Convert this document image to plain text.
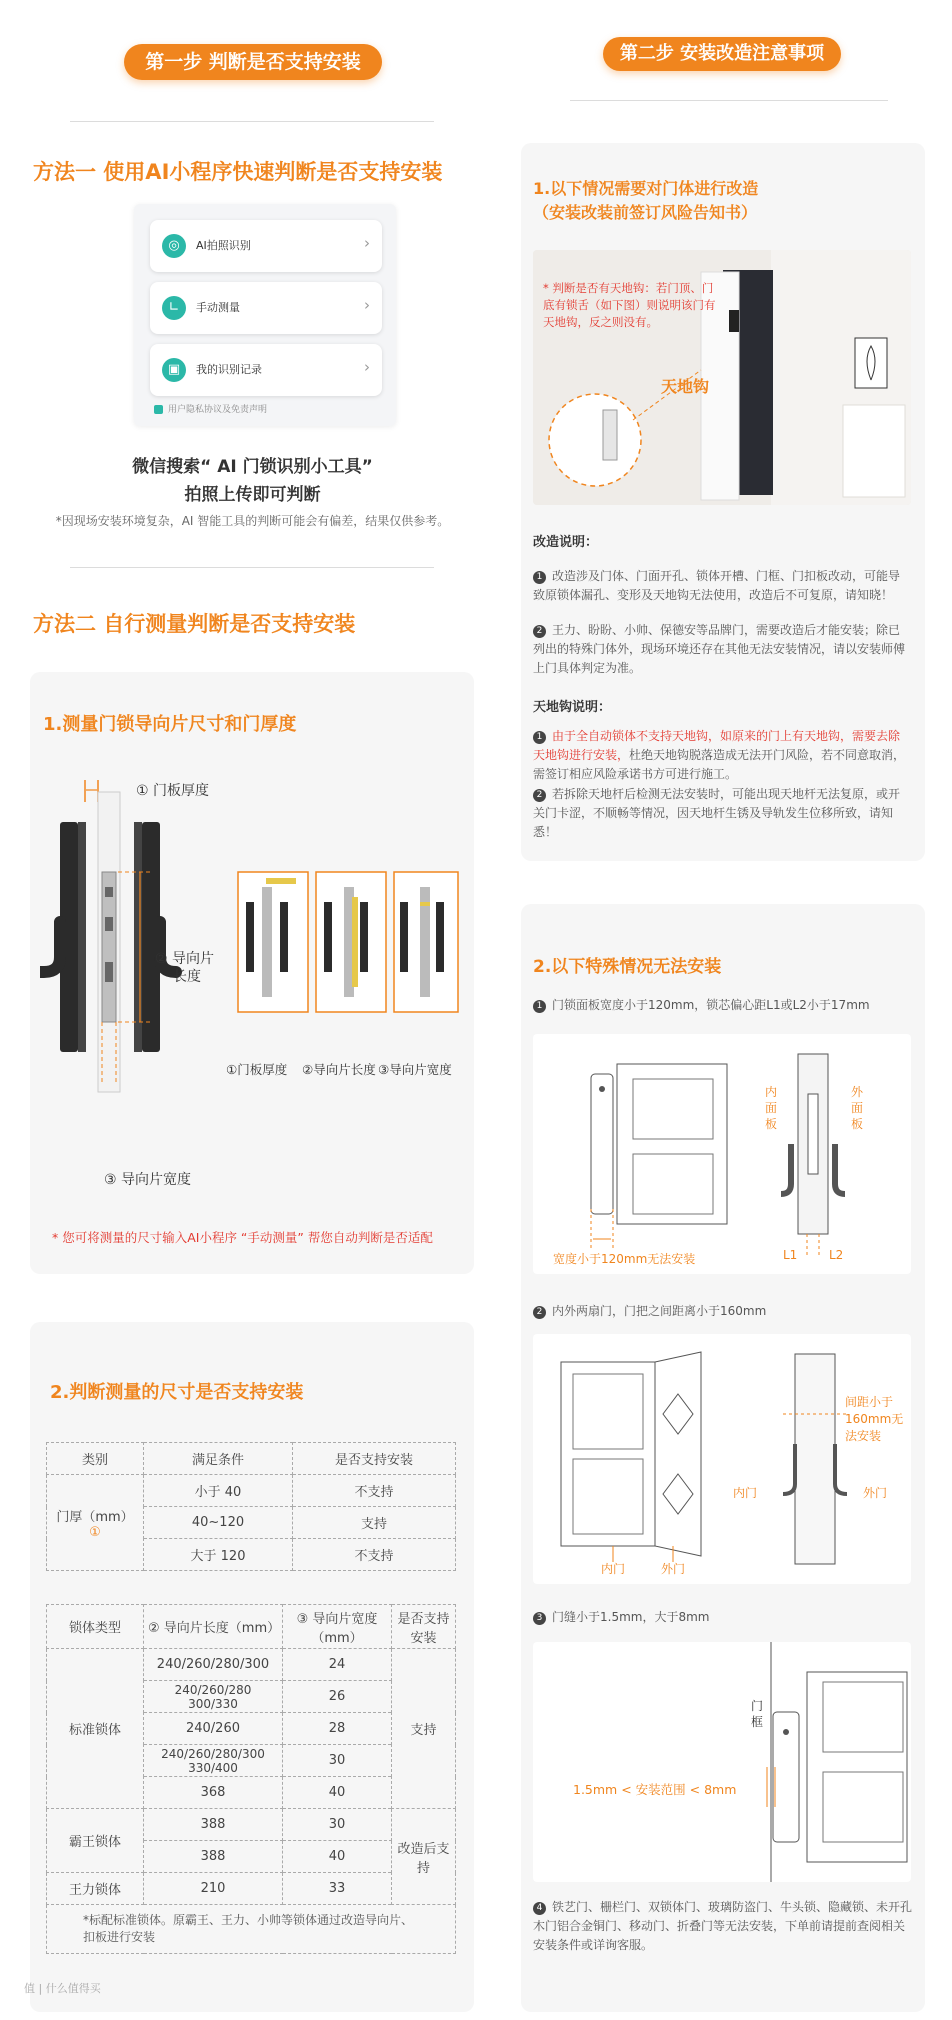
第一步 判断是否支持安装
方法一 使用AI小程序快速判断是否支持安装
◎	AI拍照识别	›
∟	手动测量	›
▣	我的识别记录	›
用户隐私协议及免责声明
微信搜索“ AI 门锁识别小工具”
拍照上传即可判断
*因现场安装环境复杂，AI 智能工具的判断可能会有偏差，结果仅供参考。
方法二 自行测量判断是否支持安装
1.测量门锁导向片尺寸和门厚度
① 门板厚度
② 导向片
长度
③ 导向片宽度
①门板厚度 ②导向片长度 ③导向片宽度
* 您可将测量的尺寸输入AI小程序 “手动测量” 帮您自动判断是否适配
2.判断测量的尺寸是否支持安装
类别	满足条件	是否支持安装

门厚（mm）
①	小于 40	不支持
	40~120	支持
	大于 120	不支持
锁体类型	② 导向片长度（mm）	③ 导向片宽度（mm）	是否支持安装
标准锁体	240/260/280/300	24	支持
	240/260/280 300/330	26	
	240/260	28	
	240/260/280/300 330/400	30	
	368	40	
霸王锁体	388	30	改造后支持
	388	40	
王力锁体	210	33	
*标配标准锁体。原霸王、王力、小帅等锁体通过改造导向片、扣板进行安装			
值 | 什么值得买
第二步 安装改造注意事项
1.以下情况需要对门体进行改造
（安装改装前签订风险告知书）
* 判断是否有天地钩：若门顶、门底有锁舌（如下图）则说明该门有天地钩，反之则没有。
天地钩
改造说明：
1 改造涉及门体、门面开孔、锁体开槽、门框、门扣板改动，可能导致原锁体漏孔、变形及天地钩无法使用，改造后不可复原，请知晓！
2 王力、盼盼、小帅、保德安等品牌门，需要改造后才能安装；除已列出的特殊门体外，现场环境还存在其他无法安装情况，请以安装师傅上门具体判定为准。
天地钩说明：
1 由于全自动锁体不支持天地钩，如原来的门上有天地钩，需要去除天地钩进行安装，杜绝天地钩脱落造成无法开门风险，若不同意取消，需签订相应风险承诺书方可进行施工。
2 若拆除天地杆后检测无法安装时，可能出现天地杆无法复原，或开关门卡涩，不顺畅等情况，因天地杆生锈及导轨发生位移所致，请知悉！
2.以下特殊情况无法安装
1 门锁面板宽度小于120mm，锁芯偏心距L1或L2小于17mm
宽度小于120mm无法安装
内面板
外面板
L1	L2
2 内外两扇门，门把之间距离小于160mm
间距小于160mm无法安装
内门	外门
内门	外门
3 门缝小于1.5mm，大于8mm
门框
1.5mm < 安装范围 < 8mm
4 铁艺门、栅栏门、双锁体门、玻璃防盗门、牛头锁、隐藏锁、未开孔木门铝合金铜门、移动门、折叠门等无法安装，下单前请提前查阅相关安装条件或详询客服。
